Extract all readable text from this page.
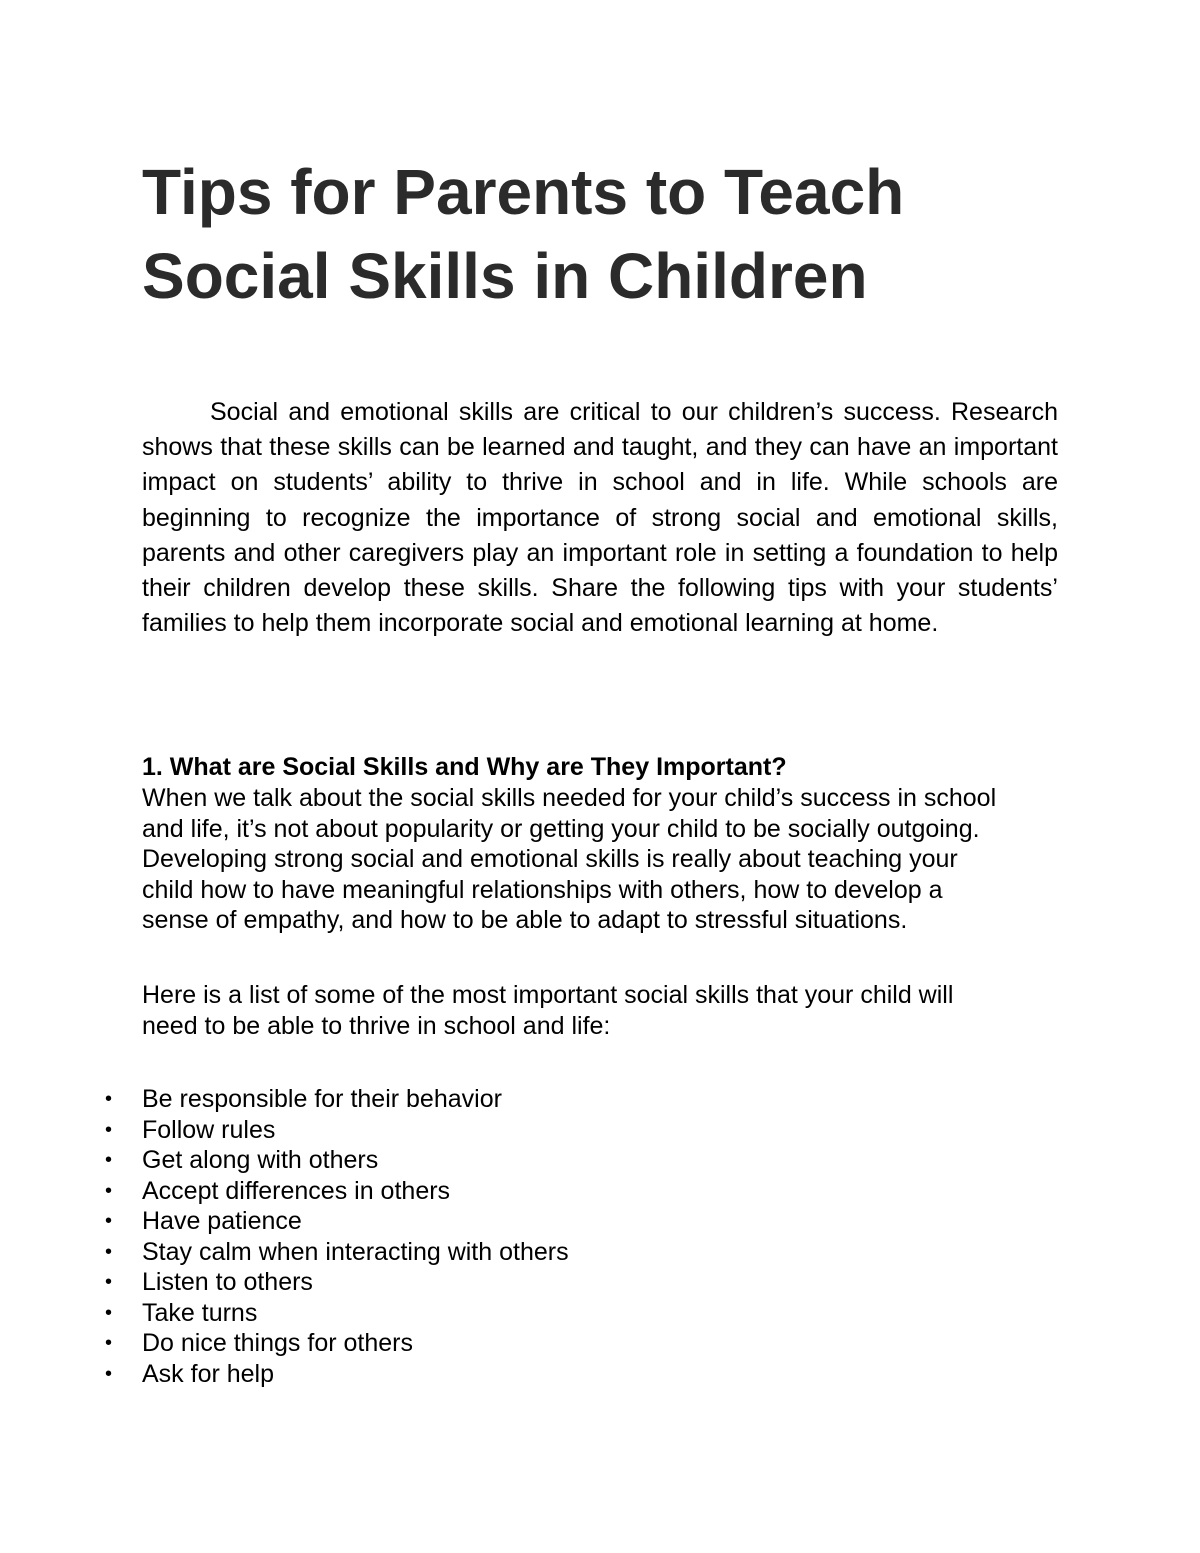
Tips for Parents to Teach
Social Skills in Children

Social and emotional skills are critical to our children’s success. Research shows that these skills can be learned and taught, and they can have an important impact on students’ ability to thrive in school and in life. While schools are beginning to recognize the importance of strong social and emotional skills, parents and other caregivers play an important role in setting a foundation to help their children develop these skills. Share the following tips with your students’ families to help them incorporate social and emotional learning at home.

1. What are Social Skills and Why are They Important?

When we talk about the social skills needed for your child’s success in school
and life, it’s not about popularity or getting your child to be socially outgoing.
Developing strong social and emotional skills is really about teaching your
child how to have meaningful relationships with others, how to develop a
sense of empathy, and how to be able to adapt to stressful situations.
Here is a list of some of the most important social skills that your child will
need to be able to thrive in school and life:
• Be responsible for their behavior
• Follow rules
• Get along with others
• Accept differences in others
• Have patience
• Stay calm when interacting with others
• Listen to others
• Take turns
• Do nice things for others
• Ask for help
